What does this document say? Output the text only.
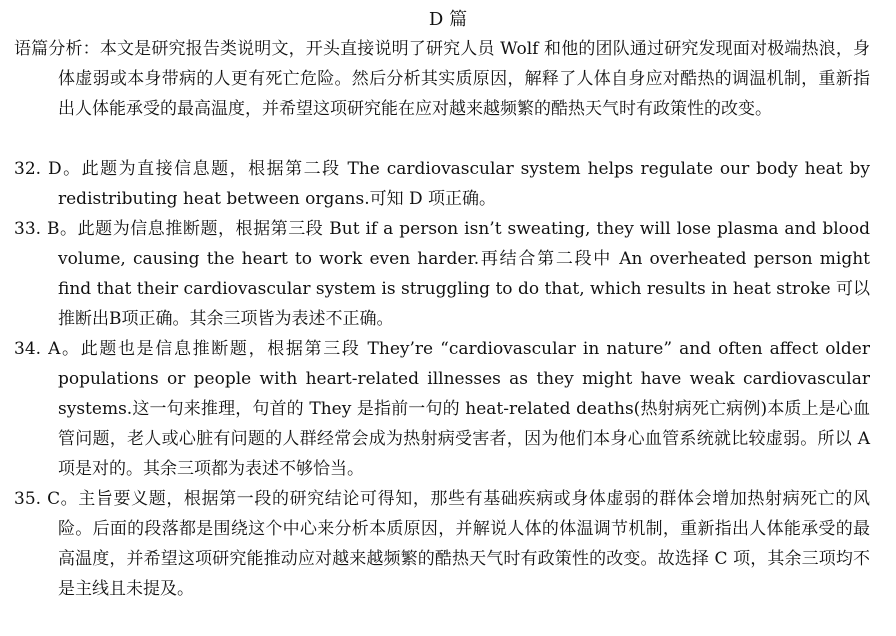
D 篇

语篇分析：本文是研究报告类说明文，开头直接说明了研究人员 Wolf 和他的团队通过研究发现面对极端热浪，身体虚弱或本身带病的人更有死亡危险。然后分析其实质原因，解释了人体自身应对酷热的调温机制，重新指出人体能承受的最高温度，并希望这项研究能在应对越来越频繁的酷热天气时有政策性的改变。

32. D。此题为直接信息题，根据第二段 The cardiovascular system helps regulate our body heat by redistributing heat between organs.可知 D 项正确。

33. B。此题为信息推断题，根据第三段 But if a person isn’t sweating, they will lose plasma and blood volume, causing the heart to work even harder.再结合第二段中 An overheated person might find that their cardiovascular system is struggling to do that, which results in heat stroke 可以推断出B项正确。其余三项皆为表述不正确。

34. A。此题也是信息推断题，根据第三段 They’re “cardiovascular in nature” and often affect older populations or people with heart-related illnesses as they might have weak cardiovascular systems.这一句来推理，句首的 They 是指前一句的 heat-related deaths(热射病死亡病例)本质上是心血管问题，老人或心脏有问题的人群经常会成为热射病受害者，因为他们本身心血管系统就比较虚弱。所以 A 项是对的。其余三项都为表述不够恰当。

35. C。主旨要义题，根据第一段的研究结论可得知，那些有基础疾病或身体虚弱的群体会增加热射病死亡的风险。后面的段落都是围绕这个中心来分析本质原因，并解说人体的体温调节机制，重新指出人体能承受的最高温度，并希望这项研究能推动应对越来越频繁的酷热天气时有政策性的改变。故选择 C 项，其余三项均不是主线且未提及。
